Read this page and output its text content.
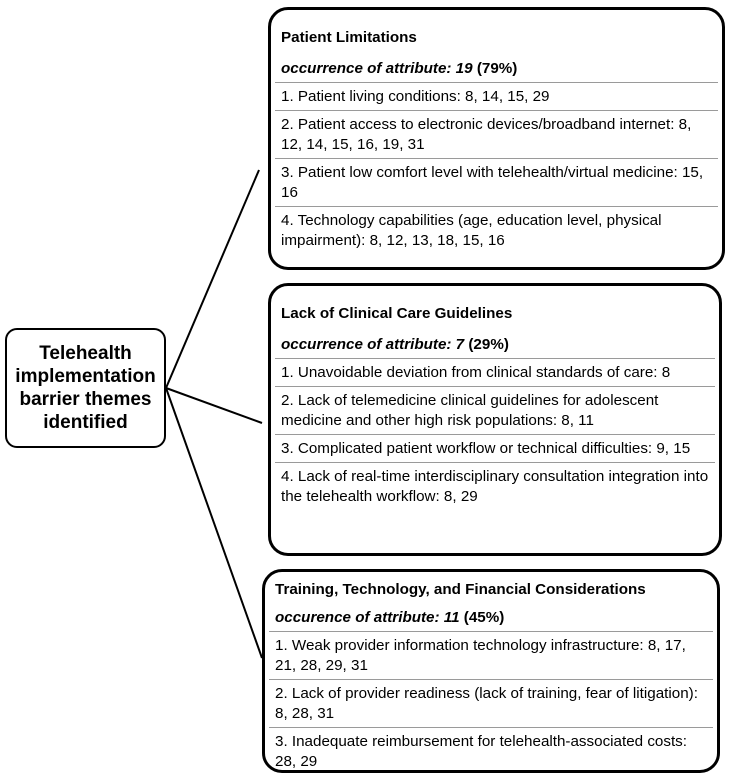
Telehealth implementation barrier themes identified
Patient Limitations
occurrence of attribute: 19 (79%)
1. Patient living conditions: 8, 14, 15, 29
2. Patient access to electronic devices/broadband internet: 8, 12, 14, 15, 16, 19, 31
3. Patient low comfort level with telehealth/virtual medicine: 15, 16
4. Technology capabilities (age, education level, physical impairment): 8, 12, 13, 18, 15, 16
Lack of Clinical Care Guidelines
occurrence of attribute: 7 (29%)
1. Unavoidable deviation from clinical standards of care: 8
2. Lack of telemedicine clinical guidelines for adolescent medicine and other high risk populations: 8, 11
3. Complicated patient workflow or technical difficulties: 9, 15
4. Lack of real-time interdisciplinary consultation integration into the telehealth workflow: 8, 29
Training, Technology, and Financial Considerations
occurence of attribute: 11 (45%)
1. Weak provider information technology infrastructure: 8, 17, 21, 28, 29, 31
2. Lack of provider readiness (lack of training, fear of litigation): 8, 28, 31
3. Inadequate reimbursement for telehealth-associated costs: 28, 29
